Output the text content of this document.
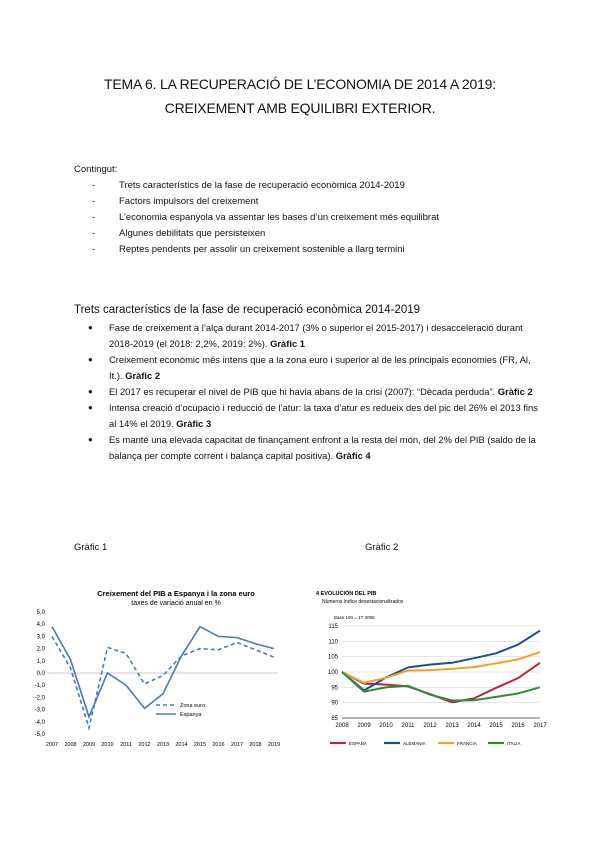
TEMA 6. LA RECUPERACIÓ DE L’ECONOMIA DE 2014 A 2019:
CREIXEMENT AMB EQUILIBRI EXTERIOR.
Contingut:
-	Trets característics de la fase de recuperació econòmica 2014-2019
-	Factors impulsors del creixement
-	L’economia espanyola va assentar les bases d’un creixement més equilibrat
-	Algunes debilitats que persisteixen
-	Reptes pendents per assolir un creixement sostenible a llarg termini
Trets característics de la fase de recuperació econòmica 2014-2019
●	Fase de creixement a l’alça durant 2014-2017 (3% o superior el 2015-2017) i desacceleració durant 2018-2019 (el 2018: 2,2%, 2019: 2%). Gràfic 1
●	Creixement econòmic més intens que a la zona euro i superior al de les principals economies (FR, Al, It.). Gràfic 2
●	El 2017 es recuperar el nivel de PIB que hi havia abans de la crisi (2007): “Dècada perduda”. Gràfic 2
●	Intensa creació d’ocupació i reducció de l’atur: la taxa d’atur es redueix des del pic del 26% el 2013 fins al 14% el 2019. Gràfic 3
●	Es manté una elevada capacitat de finançament enfront a la resta del món, del 2% del PIB (saldo de la balança per compte corrent i balança capital positiva). Gràfic 4
Gràfic 1	Gràfic 2
Creixement del PIB a Espanya i la zona euro
taxes de variació anual en %
5,0
4,0
3,0
2,0
1,0
0,0
-1,0
-2,0
-3,0
-4,0
-5,0
2007 2008 2009 2010 2011 2012 2013 2014 2015 2016 2017 2018 2019
Zona euro
Espanya
4 EVOLUCIÓN DEL PIB
Números índice desestacionalizados
Base 100 = 1T 2008
110
115
105
100
95
90
85
2008 2009 2010 2011 2012 2013 2014 2015 2016 2017
ESPAÑA	ALEMANIA	FRANCIA	ITALIA
